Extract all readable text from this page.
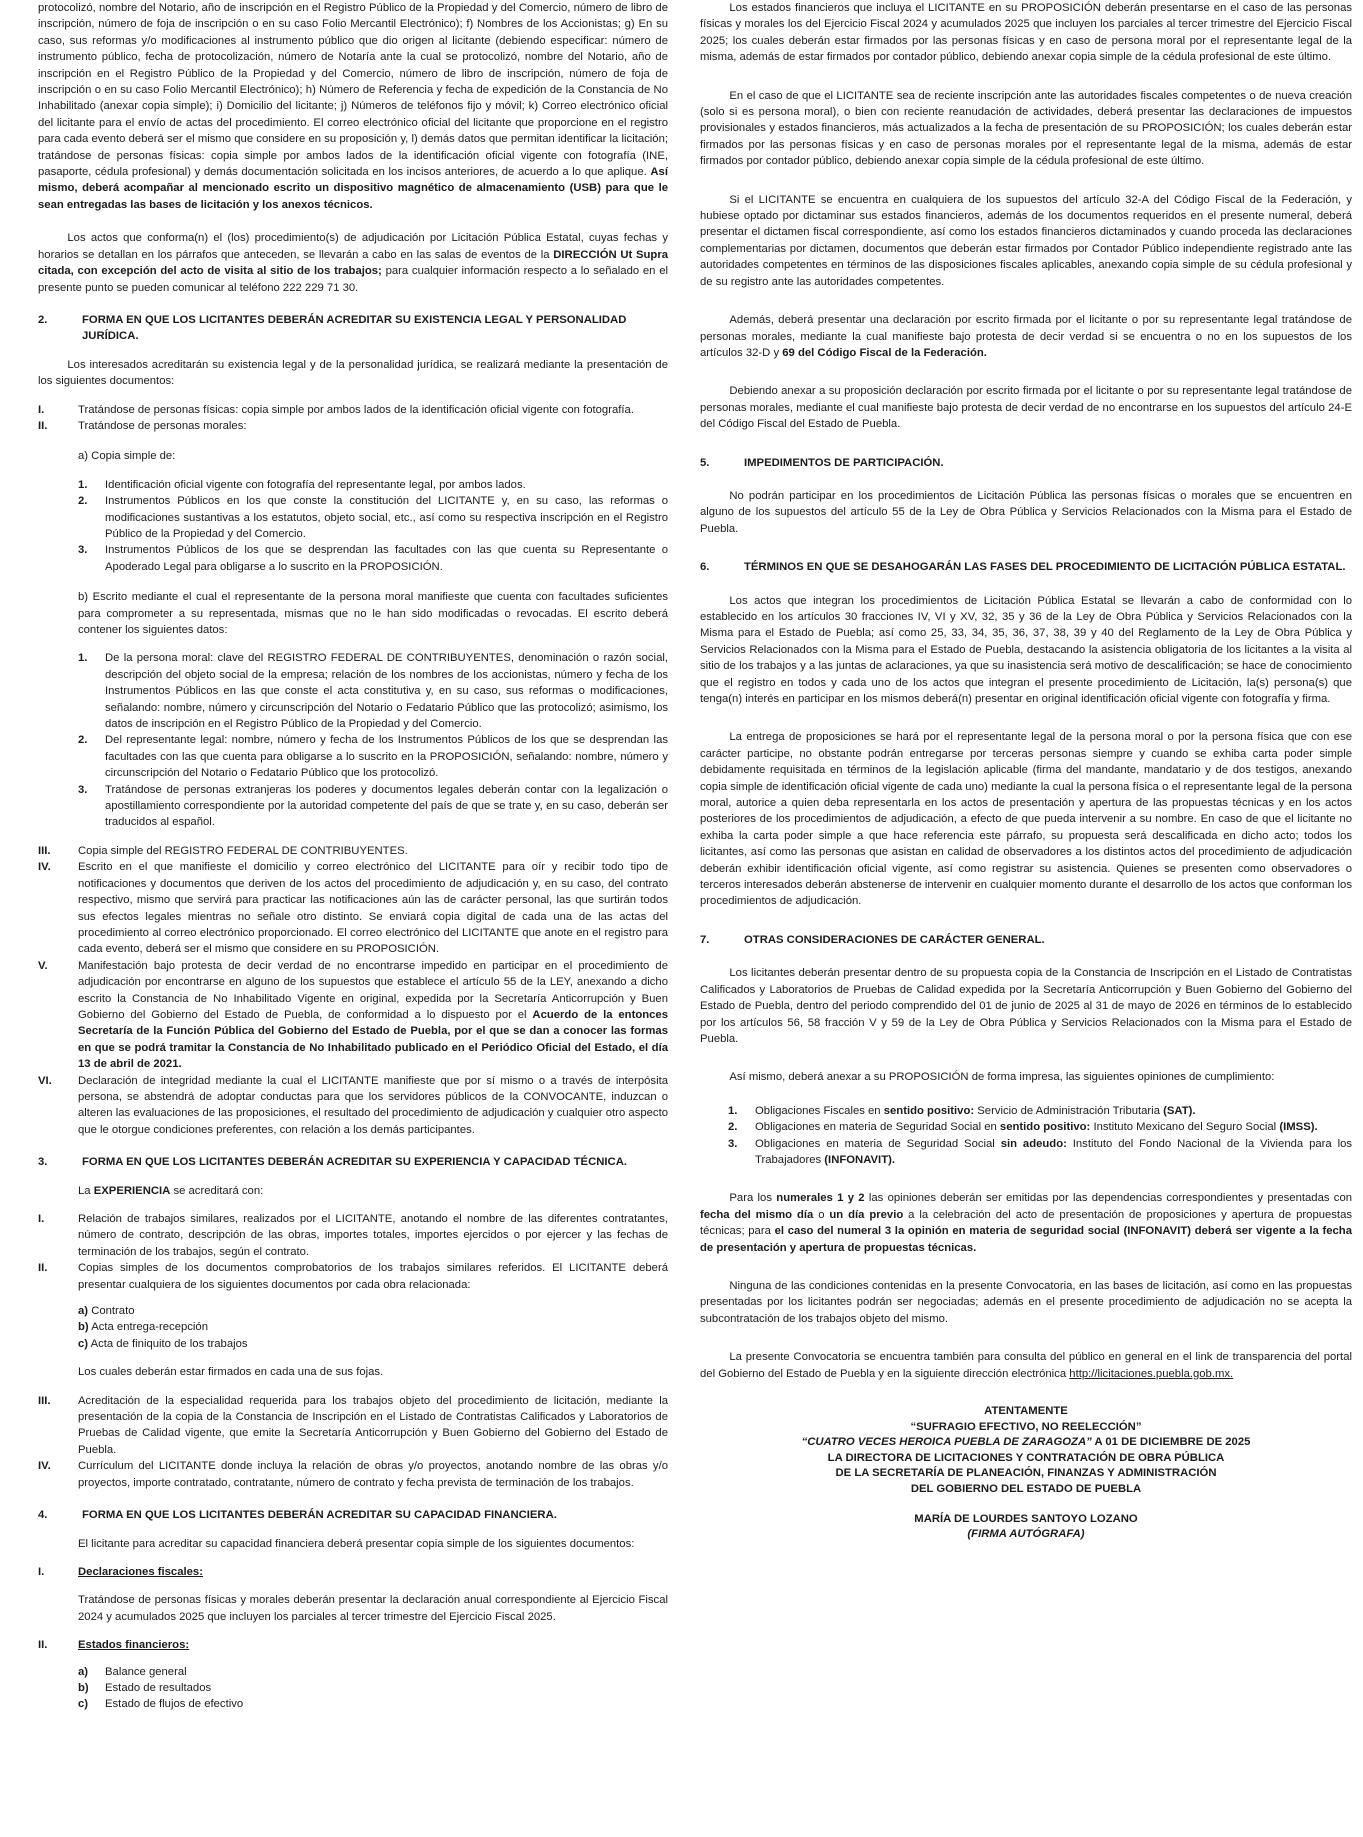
protocolizó, nombre del Notario, año de inscripción en el Registro Público de la Propiedad y del Comercio, número de libro de inscripción, número de foja de inscripción o en su caso Folio Mercantil Electrónico); f) Nombres de los Accionistas; g) En su caso, sus reformas y/o modificaciones al instrumento público que dio origen al licitante (debiendo especificar: número de instrumento público, fecha de protocolización, número de Notaría ante la cual se protocolizó, nombre del Notario, año de inscripción en el Registro Público de la Propiedad y del Comercio, número de libro de inscripción, número de foja de inscripción o en su caso Folio Mercantil Electrónico); h) Número de Referencia y fecha de expedición de la Constancia de No Inhabilitado (anexar copia simple); i) Domicilio del licitante; j) Números de teléfonos fijo y móvil; k) Correo electrónico oficial del licitante para el envío de actas del procedimiento. El correo electrónico oficial del licitante que proporcione en el registro para cada evento deberá ser el mismo que considere en su proposición y, l) demás datos que permitan identificar la licitación; tratándose de personas físicas: copia simple por ambos lados de la identificación oficial vigente con fotografía (INE, pasaporte, cédula profesional) y demás documentación solicitada en los incisos anteriores, de acuerdo a lo que aplique. Así mismo, deberá acompañar al mencionado escrito un dispositivo magnético de almacenamiento (USB) para que le sean entregadas las bases de licitación y los anexos técnicos.

Los actos que conforma(n) el (los) procedimiento(s) de adjudicación por Licitación Pública Estatal, cuyas fechas y horarios se detallan en los párrafos que anteceden, se llevarán a cabo en las salas de eventos de la DIRECCIÓN Ut Supra citada, con excepción del acto de visita al sitio de los trabajos; para cualquier información respecto a lo señalado en el presente punto se pueden comunicar al teléfono 222 229 71 30.

2.	FORMA EN QUE LOS LICITANTES DEBERÁN ACREDITAR SU EXISTENCIA LEGAL Y PERSONALIDAD JURÍDICA.

Los interesados acreditarán su existencia legal y de la personalidad jurídica, se realizará mediante la presentación de los siguientes documentos:

I.	Tratándose de personas físicas: copia simple por ambos lados de la identificación oficial vigente con fotografía.
II.	Tratándose de personas morales:

a) Copia simple de:

1.	Identificación oficial vigente con fotografía del representante legal, por ambos lados.
2.	Instrumentos Públicos en los que conste la constitución del LICITANTE y, en su caso, las reformas o modificaciones sustantivas a los estatutos, objeto social, etc., así como su respectiva inscripción en el Registro Público de la Propiedad y del Comercio.
3.	Instrumentos Públicos de los que se desprendan las facultades con las que cuenta su Representante o Apoderado Legal para obligarse a lo suscrito en la PROPOSICIÓN.

b) Escrito mediante el cual el representante de la persona moral manifieste que cuenta con facultades suficientes para comprometer a su representada, mismas que no le han sido modificadas o revocadas. El escrito deberá contener los siguientes datos:

1.	De la persona moral: clave del REGISTRO FEDERAL DE CONTRIBUYENTES, denominación o razón social, descripción del objeto social de la empresa; relación de los nombres de los accionistas, número y fecha de los Instrumentos Públicos en las que conste el acta constitutiva y, en su caso, sus reformas o modificaciones, señalando: nombre, número y circunscripción del Notario o Fedatario Público que las protocolizó; asimismo, los datos de inscripción en el Registro Público de la Propiedad y del Comercio.
2.	Del representante legal: nombre, número y fecha de los Instrumentos Públicos de los que se desprendan las facultades con las que cuenta para obligarse a lo suscrito en la PROPOSICIÓN, señalando: nombre, número y circunscripción del Notario o Fedatario Público que los protocolizó.
3.	Tratándose de personas extranjeras los poderes y documentos legales deberán contar con la legalización o apostillamiento correspondiente por la autoridad competente del país de que se trate y, en su caso, deberán ser traducidos al español.
III.	Copia simple del REGISTRO FEDERAL DE CONTRIBUYENTES.
IV.	Escrito en el que manifieste el domicilio y correo electrónico del LICITANTE para oír y recibir todo tipo de notificaciones y documentos que deriven de los actos del procedimiento de adjudicación y, en su caso, del contrato respectivo, mismo que servirá para practicar las notificaciones aún las de carácter personal, las que surtirán todos sus efectos legales mientras no señale otro distinto. Se enviará copia digital de cada una de las actas del procedimiento al correo electrónico proporcionado. El correo electrónico del LICITANTE que anote en el registro para cada evento, deberá ser el mismo que considere en su PROPOSICIÓN.
V.	Manifestación bajo protesta de decir verdad de no encontrarse impedido en participar en el procedimiento de adjudicación por encontrarse en alguno de los supuestos que establece el artículo 55 de la LEY, anexando a dicho escrito la Constancia de No Inhabilitado Vigente en original, expedida por la Secretaría Anticorrupción y Buen Gobierno del Gobierno del Estado de Puebla, de conformidad a lo dispuesto por el Acuerdo de la entonces Secretaría de la Función Pública del Gobierno del Estado de Puebla, por el que se dan a conocer las formas en que se podrá tramitar la Constancia de No Inhabilitado publicado en el Periódico Oficial del Estado, el día 13 de abril de 2021.
VI.	Declaración de integridad mediante la cual el LICITANTE manifieste que por sí mismo o a través de interpósita persona, se abstendrá de adoptar conductas para que los servidores públicos de la CONVOCANTE, induzcan o alteren las evaluaciones de las proposiciones, el resultado del procedimiento de adjudicación y cualquier otro aspecto que le otorgue condiciones preferentes, con relación a los demás participantes.
3.	FORMA EN QUE LOS LICITANTES DEBERÁN ACREDITAR SU EXPERIENCIA Y CAPACIDAD TÉCNICA.

La EXPERIENCIA se acreditará con:

I.	Relación de trabajos similares, realizados por el LICITANTE, anotando el nombre de las diferentes contratantes, número de contrato, descripción de las obras, importes totales, importes ejercidos o por ejercer y las fechas de terminación de los trabajos, según el contrato.
II.	Copias simples de los documentos comprobatorios de los trabajos similares referidos. El LICITANTE deberá presentar cualquiera de los siguientes documentos por cada obra relacionada:
a) Contrato
b) Acta entrega-recepción
c) Acta de finiquito de los trabajos

Los cuales deberán estar firmados en cada una de sus fojas.

III.	Acreditación de la especialidad requerida para los trabajos objeto del procedimiento de licitación, mediante la presentación de la copia de la Constancia de Inscripción en el Listado de Contratistas Calificados y Laboratorios de Pruebas de Calidad vigente, que emite la Secretaría Anticorrupción y Buen Gobierno del Gobierno del Estado de Puebla.
IV.	Currículum del LICITANTE donde incluya la relación de obras y/o proyectos, anotando nombre de las obras y/o proyectos, importe contratado, contratante, número de contrato y fecha prevista de terminación de los trabajos.
4.	FORMA EN QUE LOS LICITANTES DEBERÁN ACREDITAR SU CAPACIDAD FINANCIERA.

El licitante para acreditar su capacidad financiera deberá presentar copia simple de los siguientes documentos:

I.	Declaraciones fiscales:

Tratándose de personas físicas y morales deberán presentar la declaración anual correspondiente al Ejercicio Fiscal 2024 y acumulados 2025 que incluyen los parciales al tercer trimestre del Ejercicio Fiscal 2025.

II.	Estados financieros:
a)	Balance general
b)	Estado de resultados
c)	Estado de flujos de efectivo

Los estados financieros que incluya el LICITANTE en su PROPOSICIÓN deberán presentarse en el caso de las personas físicas y morales los del Ejercicio Fiscal 2024 y acumulados 2025 que incluyen los parciales al tercer trimestre del Ejercicio Fiscal 2025; los cuales deberán estar firmados por las personas físicas y en caso de persona moral por el representante legal de la misma, además de estar firmados por contador público, debiendo anexar copia simple de la cédula profesional de este último.

En el caso de que el LICITANTE sea de reciente inscripción ante las autoridades fiscales competentes o de nueva creación (solo si es persona moral), o bien con reciente reanudación de actividades, deberá presentar las declaraciones de impuestos provisionales y estados financieros, más actualizados a la fecha de presentación de su PROPOSICIÓN; los cuales deberán estar firmados por las personas físicas y en caso de personas morales por el representante legal de la misma, además de estar firmados por contador público, debiendo anexar copia simple de la cédula profesional de este último.

Si el LICITANTE se encuentra en cualquiera de los supuestos del artículo 32-A del Código Fiscal de la Federación, y hubiese optado por dictaminar sus estados financieros, además de los documentos requeridos en el presente numeral, deberá presentar el dictamen fiscal correspondiente, así como los estados financieros dictaminados y cuando proceda las declaraciones complementarias por dictamen, documentos que deberán estar firmados por Contador Público independiente registrado ante las autoridades competentes en términos de las disposiciones fiscales aplicables, anexando copia simple de su cédula profesional y de su registro ante las autoridades competentes.

Además, deberá presentar una declaración por escrito firmada por el licitante o por su representante legal tratándose de personas morales, mediante la cual manifieste bajo protesta de decir verdad si se encuentra o no en los supuestos de los artículos 32-D y 69 del Código Fiscal de la Federación.

Debiendo anexar a su proposición declaración por escrito firmada por el licitante o por su representante legal tratándose de personas morales, mediante el cual manifieste bajo protesta de decir verdad de no encontrarse en los supuestos del artículo 24-E del Código Fiscal del Estado de Puebla.

5.	IMPEDIMENTOS DE PARTICIPACIÓN.

No podrán participar en los procedimientos de Licitación Pública las personas físicas o morales que se encuentren en alguno de los supuestos del artículo 55 de la Ley de Obra Pública y Servicios Relacionados con la Misma para el Estado de Puebla.

6.	TÉRMINOS EN QUE SE DESAHOGARÁN LAS FASES DEL PROCEDIMIENTO DE LICITACIÓN PÚBLICA ESTATAL.

Los actos que integran los procedimientos de Licitación Pública Estatal se llevarán a cabo de conformidad con lo establecido en los artículos 30 fracciones IV, VI y XV, 32, 35 y 36 de la Ley de Obra Pública y Servicios Relacionados con la Misma para el Estado de Puebla; así como 25, 33, 34, 35, 36, 37, 38, 39 y 40 del Reglamento de la Ley de Obra Pública y Servicios Relacionados con la Misma para el Estado de Puebla, destacando la asistencia obligatoria de los licitantes a la visita al sitio de los trabajos y a las juntas de aclaraciones, ya que su inasistencia será motivo de descalificación; se hace de conocimiento que el registro en todos y cada uno de los actos que integran el presente procedimiento de Licitación, la(s) persona(s) que tenga(n) interés en participar en los mismos deberá(n) presentar en original identificación oficial vigente con fotografía y firma.

La entrega de proposiciones se hará por el representante legal de la persona moral o por la persona física que con ese carácter participe, no obstante podrán entregarse por terceras personas siempre y cuando se exhiba carta poder simple debidamente requisitada en términos de la legislación aplicable (firma del mandante, mandatario y de dos testigos, anexando copia simple de identificación oficial vigente de cada uno) mediante la cual la persona física o el representante legal de la persona moral, autorice a quien deba representarla en los actos de presentación y apertura de las propuestas técnicas y en los actos posteriores de los procedimientos de adjudicación, a efecto de que pueda intervenir a su nombre. En caso de que el licitante no exhiba la carta poder simple a que hace referencia este párrafo, su propuesta será descalificada en dicho acto; todos los licitantes, así como las personas que asistan en calidad de observadores a los distintos actos del procedimiento de adjudicación deberán exhibir identificación oficial vigente, así como registrar su asistencia. Quienes se presenten como observadores o terceros interesados deberán abstenerse de intervenir en cualquier momento durante el desarrollo de los actos que conforman los procedimientos de adjudicación.

7.	OTRAS CONSIDERACIONES DE CARÁCTER GENERAL.

Los licitantes deberán presentar dentro de su propuesta copia de la Constancia de Inscripción en el Listado de Contratistas Calificados y Laboratorios de Pruebas de Calidad expedida por la Secretaría Anticorrupción y Buen Gobierno del Gobierno del Estado de Puebla, dentro del periodo comprendido del 01 de junio de 2025 al 31 de mayo de 2026 en términos de lo establecido por los artículos 56, 58 fracción V y 59 de la Ley de Obra Pública y Servicios Relacionados con la Misma para el Estado de Puebla.

Así mismo, deberá anexar a su PROPOSICIÓN de forma impresa, las siguientes opiniones de cumplimiento:

1.	Obligaciones Fiscales en sentido positivo: Servicio de Administración Tributaria (SAT).
2.	Obligaciones en materia de Seguridad Social en sentido positivo: Instituto Mexicano del Seguro Social (IMSS).
3.	Obligaciones en materia de Seguridad Social sin adeudo: Instituto del Fondo Nacional de la Vivienda para los Trabajadores (INFONAVIT).

Para los numerales 1 y 2 las opiniones deberán ser emitidas por las dependencias correspondientes y presentadas con fecha del mismo día o un día previo a la celebración del acto de presentación de proposiciones y apertura de propuestas técnicas; para el caso del numeral 3 la opinión en materia de seguridad social (INFONAVIT) deberá ser vigente a la fecha de presentación y apertura de propuestas técnicas.

Ninguna de las condiciones contenidas en la presente Convocatoria, en las bases de licitación, así como en las propuestas presentadas por los licitantes podrán ser negociadas; además en el presente procedimiento de adjudicación no se acepta la subcontratación de los trabajos objeto del mismo.

La presente Convocatoria se encuentra también para consulta del público en general en el link de transparencia del portal del Gobierno del Estado de Puebla y en la siguiente dirección electrónica http://licitaciones.puebla.gob.mx.

ATENTAMENTE
“SUFRAGIO EFECTIVO, NO REELECCIÓN”
“CUATRO VECES HEROICA PUEBLA DE ZARAGOZA” A 01 DE DICIEMBRE DE 2025
LA DIRECTORA DE LICITACIONES Y CONTRATACIÓN DE OBRA PÚBLICA
DE LA SECRETARÍA DE PLANEACIÓN, FINANZAS Y ADMINISTRACIÓN
DEL GOBIERNO DEL ESTADO DE PUEBLA
MARÍA DE LOURDES SANTOYO LOZANO
(FIRMA AUTÓGRAFA)
